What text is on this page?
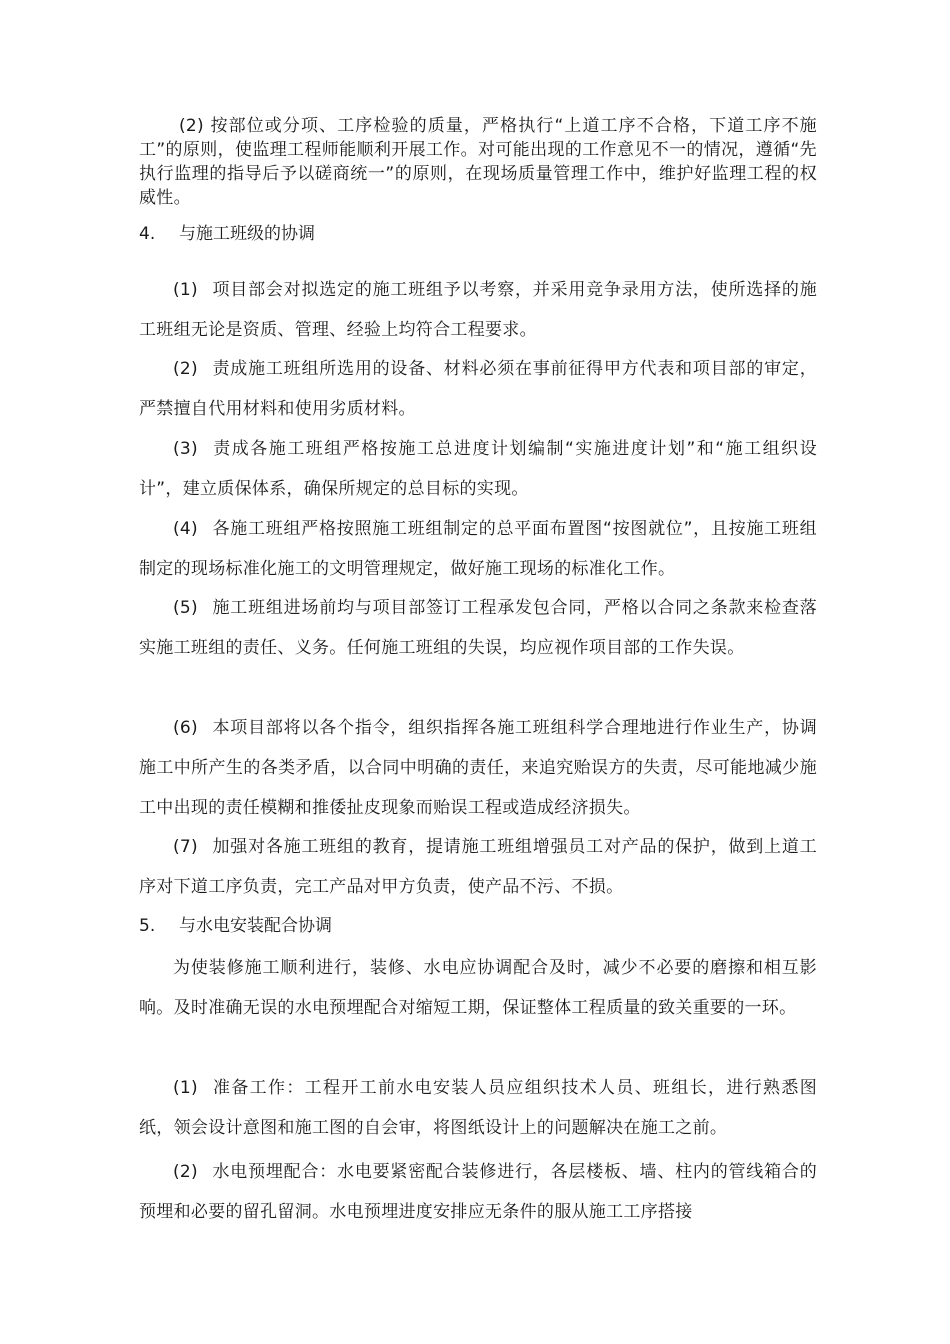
(2) 按部位或分项、工序检验的质量，严格执行“上道工序不合格，下道工序不施工”的原则，使监理工程师能顺利开展工作。对可能出现的工作意见不一的情况，遵循“先执行监理的指导后予以磋商统一”的原则，在现场质量管理工作中，维护好监理工程的权威性。
4. 与施工班级的协调
(1) 项目部会对拟选定的施工班组予以考察，并采用竞争录用方法，使所选择的施工班组无论是资质、管理、经验上均符合工程要求。
(2) 责成施工班组所选用的设备、材料必须在事前征得甲方代表和项目部的审定，严禁擅自代用材料和使用劣质材料。
(3) 责成各施工班组严格按施工总进度计划编制“实施进度计划”和“施工组织设计”，建立质保体系，确保所规定的总目标的实现。
(4) 各施工班组严格按照施工班组制定的总平面布置图“按图就位”，且按施工班组制定的现场标准化施工的文明管理规定，做好施工现场的标准化工作。
(5) 施工班组进场前均与项目部签订工程承发包合同，严格以合同之条款来检查落实施工班组的责任、义务。任何施工班组的失误，均应视作项目部的工作失误。
(6) 本项目部将以各个指令，组织指挥各施工班组科学合理地进行作业生产，协调施工中所产生的各类矛盾，以合同中明确的责任，来追究贻误方的失责，尽可能地减少施工中出现的责任模糊和推倭扯皮现象而贻误工程或造成经济损失。
(7) 加强对各施工班组的教育，提请施工班组增强员工对产品的保护，做到上道工序对下道工序负责，完工产品对甲方负责，使产品不污、不损。
5. 与水电安装配合协调
为使装修施工顺利进行，装修、水电应协调配合及时，减少不必要的磨擦和相互影响。及时准确无误的水电预埋配合对缩短工期，保证整体工程质量的致关重要的一环。
(1) 准备工作：工程开工前水电安装人员应组织技术人员、班组长，进行熟悉图纸，领会设计意图和施工图的自会审，将图纸设计上的问题解决在施工之前。
(2) 水电预埋配合：水电要紧密配合装修进行，各层楼板、墙、柱内的管线箱合的预埋和必要的留孔留洞。水电预埋进度安排应无条件的服从施工工序搭接
